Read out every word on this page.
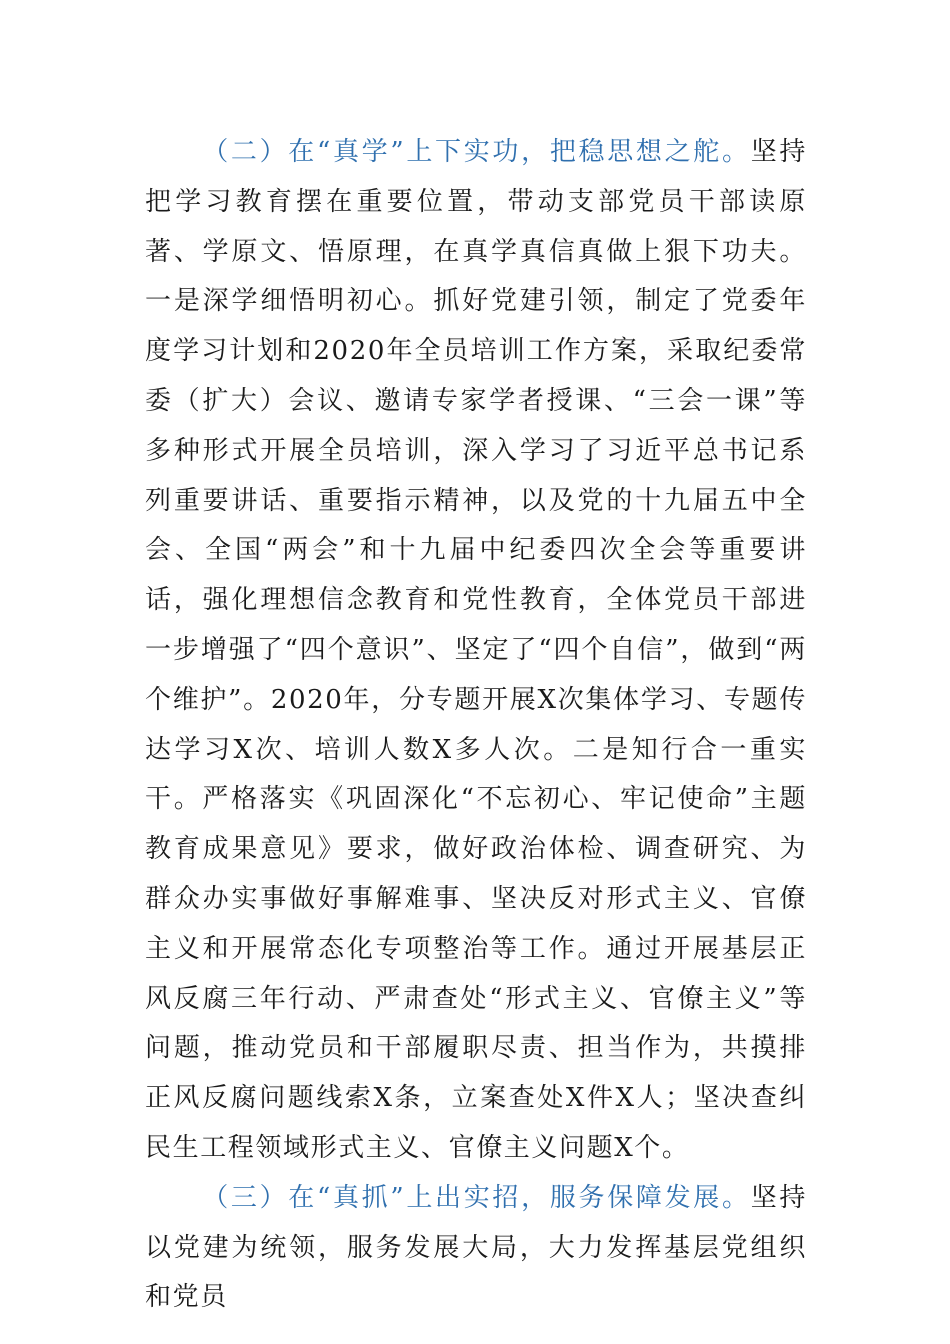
（二）在“真学”上下实功，把稳思想之舵。坚持把学习教育摆在重要位置，带动支部党员干部读原著、学原文、悟原理，在真学真信真做上狠下功夫。一是深学细悟明初心。抓好党建引领，制定了党委年度学习计划和2020年全员培训工作方案，采取纪委常委（扩大）会议、邀请专家学者授课、“三会一课”等多种形式开展全员培训，深入学习了习近平总书记系列重要讲话、重要指示精神，以及党的十九届五中全会、全国“两会”和十九届中纪委四次全会等重要讲话，强化理想信念教育和党性教育，全体党员干部进一步增强了“四个意识”、坚定了“四个自信”，做到“两个维护”。2020年，分专题开展X次集体学习、专题传达学习X次、培训人数X多人次。二是知行合一重实干。严格落实《巩固深化“不忘初心、牢记使命”主题教育成果意见》要求，做好政治体检、调查研究、为群众办实事做好事解难事、坚决反对形式主义、官僚主义和开展常态化专项整治等工作。通过开展基层正风反腐三年行动、严肃查处“形式主义、官僚主义”等问题，推动党员和干部履职尽责、担当作为，共摸排正风反腐问题线索X条，立案查处X件X人；坚决查纠民生工程领域形式主义、官僚主义问题X个。

（三）在“真抓”上出实招，服务保障发展。坚持以党建为统领，服务发展大局，大力发挥基层党组织和党员
